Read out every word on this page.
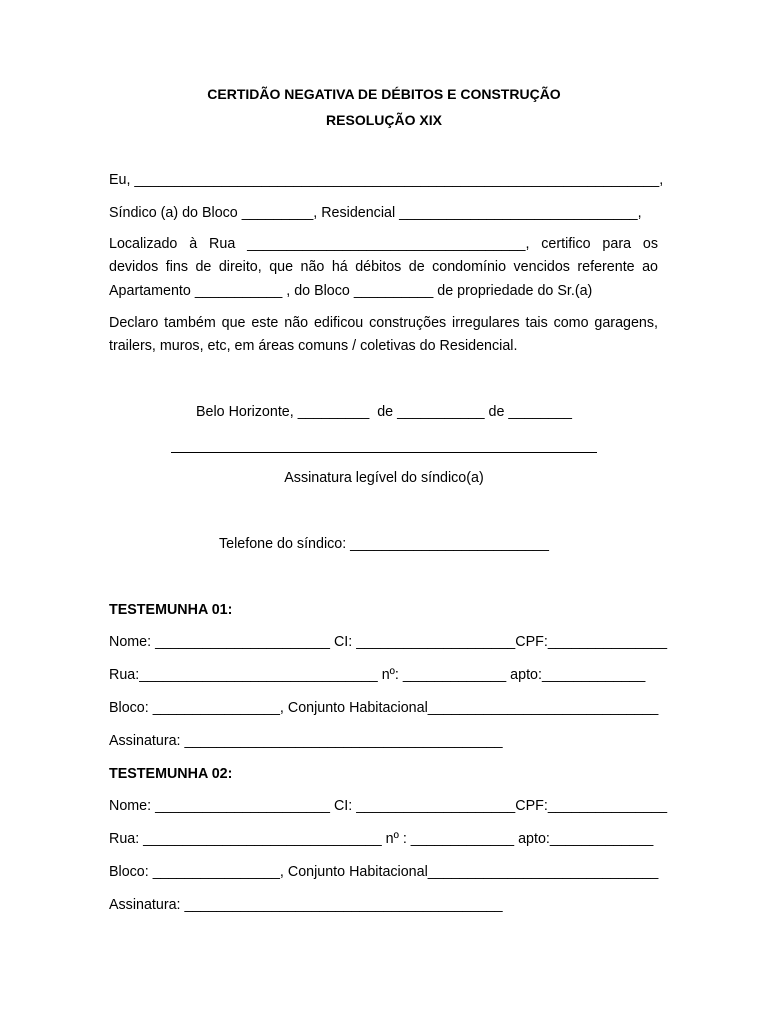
CERTIDÃO NEGATIVA DE DÉBITOS E CONSTRUÇÃO
RESOLUÇÃO XIX
Eu, __________________________________________________________________,
Síndico (a) do Bloco _________, Residencial ______________________________,
Localizado à Rua ___________________________________, certifico para os
devidos fins de direito, que não há débitos de condomínio vencidos referente ao
Apartamento ___________ , do Bloco __________ de propriedade do Sr.(a)
Declaro também que este não edificou construções irregulares tais como garagens,
trailers, muros, etc, em áreas comuns / coletivas do Residencial.
Belo Horizonte, _________  de ___________ de ________
Assinatura legível do síndico(a)
Telefone do síndico: _________________________
TESTEMUNHA 01:
Nome: ______________________ CI: ____________________CPF:_______________
Rua:______________________________ nº: _____________ apto:_____________
Bloco: ________________, Conjunto Habitacional_____________________________
Assinatura: ________________________________________
TESTEMUNHA 02:
Nome: ______________________ CI: ____________________CPF:_______________
Rua: ______________________________ nº : _____________ apto:_____________
Bloco: ________________, Conjunto Habitacional_____________________________
Assinatura: ________________________________________
